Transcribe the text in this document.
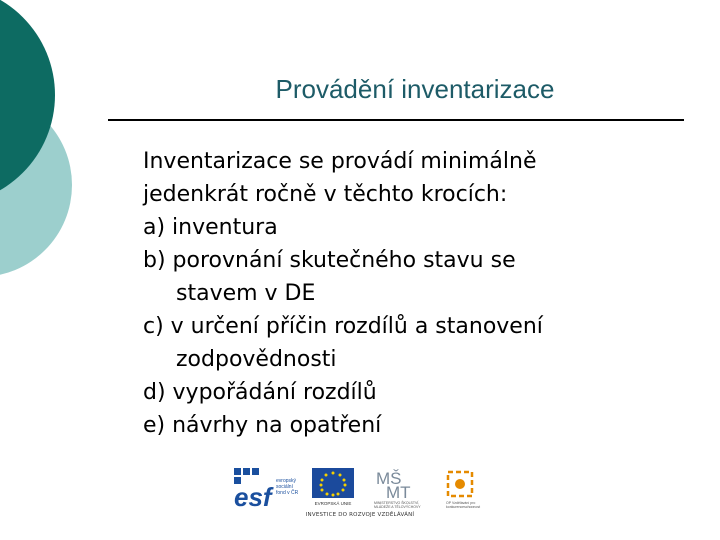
Provádění inventarizace
Inventarizace se provádí minimálně
jedenkrát ročně v těchto krocích:
a) inventura
b) porovnání skutečného stavu se
stavem v DE
c) v určení příčin rozdílů a stanovení
zodpovědnosti
d) vypořádání rozdílů
e) návrhy na opatření
esf
evropský
sociální
fond v ČR
EVROPSKÁ UNIE
MŠ
MT
MINISTERSTVO ŠKOLSTVÍ,
MLÁDEŽE A TĚLOVÝCHOVY
OP Vzdělávání pro
konkurenceschopnost
INVESTICE DO ROZVOJE VZDĚLÁVÁNÍ
